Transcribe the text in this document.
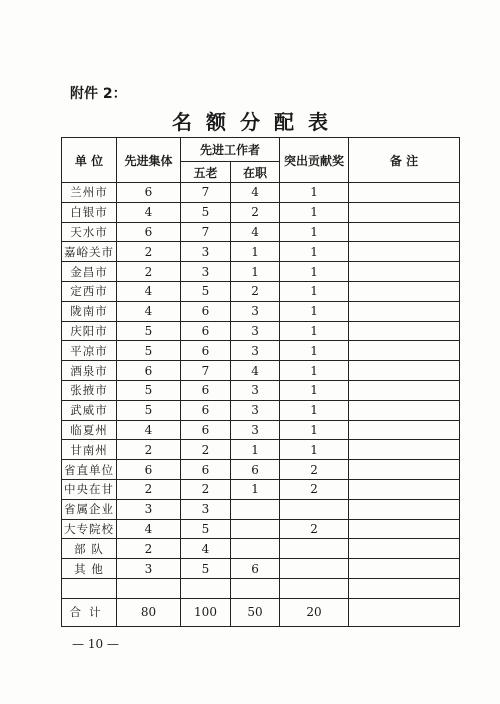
附件 2：
名额分配表
单 位	先进集体	先进工作者		突出贡献奖	备 注
		五老	在职		
兰州市	6	7	4	1	
白银市	4	5	2	1	
天水市	6	7	4	1	
嘉峪关市	2	3	1	1	
金昌市	2	3	1	1	
定西市	4	5	2	1	
陇南市	4	6	3	1	
庆阳市	5	6	3	1	
平凉市	5	6	3	1	
酒泉市	6	7	4	1	
张掖市	5	6	3	1	
武威市	5	6	3	1	
临夏州	4	6	3	1	
甘南州	2	2	1	1	
省直单位	6	6	6	2	
中央在甘	2	2	1	2	
省属企业	3	3			
大专院校	4	5		2	
部 队	2	4			
其 他	3	5	6		

合计	80	100	50	20	
— 10 —
